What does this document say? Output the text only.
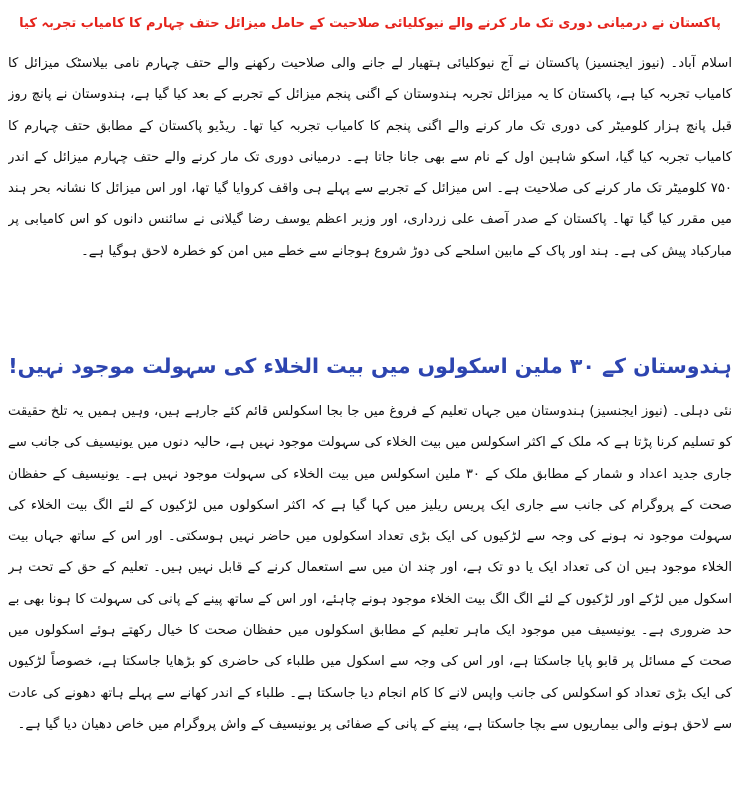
پاکستان نے درمیانی دوری تک مار کرنے والے نیوکلیائی صلاحیت کے حامل میزائل حتف چہارم کا کامیاب تجربہ کیا

اسلام آباد۔ (نیوز ایجنسیز) پاکستان نے آج نیوکلیائی ہتھیار لے جانے والی صلاحیت رکھنے والے حتف چہارم نامی بیلاسٹک میزائل کا کامیاب تجربہ کیا ہے، پاکستان کا یہ میزائل تجربہ ہندوستان کے اگنی پنجم میزائل کے تجربے کے بعد کیا گیا ہے، ہندوستان نے پانچ روز قبل پانچ ہزار کلومیٹر کی دوری تک مار کرنے والے اگنی پنجم کا کامیاب تجربہ کیا تھا۔ ریڈیو پاکستان کے مطابق حتف چہارم کا کامیاب تجربہ کیا گیا، اسکو شاہین اول کے نام سے بھی جانا جاتا ہے۔ درمیانی دوری تک مار کرنے والے حتف چہارم میزائل کے اندر ۷۵۰ کلومیٹر تک مار کرنے کی صلاحیت ہے۔ اس میزائل کے تجربے سے پہلے ہی واقف کروایا گیا تھا، اور اس میزائل کا نشانہ بحر ہند میں مقرر کیا گیا تھا۔ پاکستان کے صدر آصف علی زرداری، اور وزیر اعظم یوسف رضا گیلانی نے سائنس دانوں کو اس کامیابی پر مبارکباد پیش کی ہے۔ ہند اور پاک کے مابین اسلحے کی دوڑ شروع ہوجانے سے خطے میں امن کو خطرہ لاحق ہوگیا ہے۔

ہندوستان کے ۳۰ ملین اسکولوں میں بیت الخلاء کی سہولت موجود نہیں!

نئی دہلی۔ (نیوز ایجنسیز) ہندوستان میں جہاں تعلیم کے فروغ میں جا بجا اسکولس قائم کئے جارہے ہیں، وہیں ہمیں یہ تلخ حقیقت کو تسلیم کرنا پڑتا ہے کہ ملک کے اکثر اسکولس میں بیت الخلاء کی سہولت موجود نہیں ہے، حالیہ دنوں میں یونیسیف کی جانب سے جاری جدید اعداد و شمار کے مطابق ملک کے ۳۰ ملین اسکولس میں بیت الخلاء کی سہولت موجود نہیں ہے۔ یونیسیف کے حفظان صحت کے پروگرام کی جانب سے جاری ایک پریس ریلیز میں کہا گیا ہے کہ اکثر اسکولوں میں لڑکیوں کے لئے الگ بیت الخلاء کی سہولت موجود نہ ہونے کی وجہ سے لڑکیوں کی ایک بڑی تعداد اسکولوں میں حاضر نہیں ہوسکتی۔ اور اس کے ساتھ جہاں بیت الخلاء موجود ہیں ان کی تعداد ایک یا دو تک ہے، اور چند ان میں سے استعمال کرنے کے قابل نہیں ہیں۔ تعلیم کے حق کے تحت ہر اسکول میں لڑکے اور لڑکیوں کے لئے الگ الگ بیت الخلاء موجود ہونے چاہئے، اور اس کے ساتھ پینے کے پانی کی سہولت کا ہونا بھی بے حد ضروری ہے۔ یونیسیف میں موجود ایک ماہر تعلیم کے مطابق اسکولوں میں حفظان صحت کا خیال رکھتے ہوئے اسکولوں میں صحت کے مسائل پر قابو پایا جاسکتا ہے، اور اس کی وجہ سے اسکول میں طلباء کی حاضری کو بڑھایا جاسکتا ہے، خصوصاً لڑکیوں کی ایک بڑی تعداد کو اسکولس کی جانب واپس لانے کا کام انجام دیا جاسکتا ہے۔ طلباء کے اندر کھانے سے پہلے ہاتھ دھونے کی عادت سے لاحق ہونے والی بیماریوں سے بچا جاسکتا ہے، پینے کے پانی کے صفائی پر یونیسیف کے واش پروگرام میں خاص دھیان دیا گیا ہے۔
